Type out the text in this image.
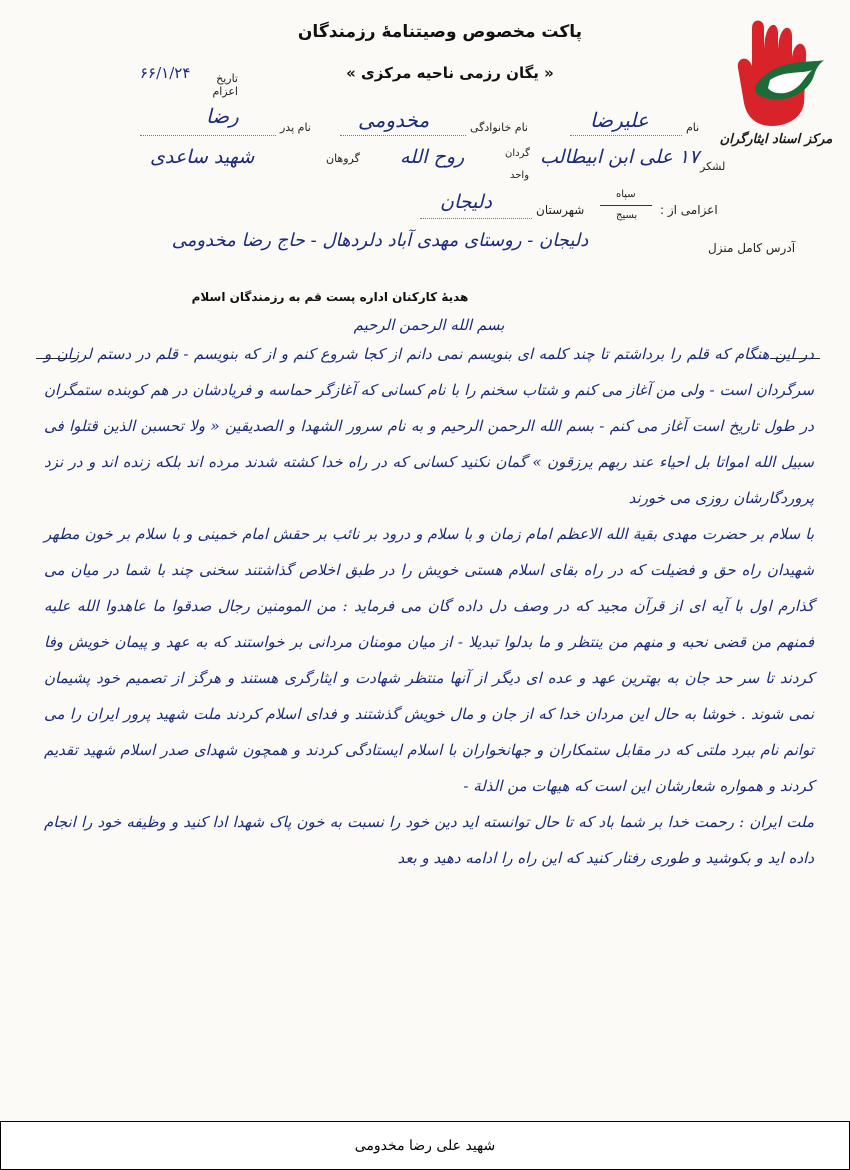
مرکز اسناد ایثارگران
پاکت مخصوص وصیتنامهٔ رزمندگان
« یگان رزمی ناحیه مرکزی »
تاریخ اعزام
۶۶/۱/۲۴
نام
علیرضا
نام خانوادگی
مخدومی
نام پدر
رضا
لشکر
۱۷ علی ابن ابیطالب
گردان
واحد
روح الله
گروهان
شهید ساعدی
اعزامی از :
سپاه
بسیج
شهرستان
دلیجان
آدرس کامل منزل
دلیجان - روستای مهدی آباد دلردهال - حاج رضا مخدومی
هدیهٔ کارکنان اداره پست قم به رزمندگان اسلام
بسم الله الرحمن الرحیم
در این هنگام که قلم را برداشتم تا چند کلمه ای بنویسم نمی دانم از کجا شروع کنم و از که بنویسم - قلم در دستم لرزان و سرگردان است - ولی من آغاز می کنم و شتاب سخنم را با نام کسانی که آغازگر حماسه و فریادشان در هم کوبنده ستمگران در طول تاریخ است آغاز می کنم - بسم الله الرحمن الرحیم و به نام سرور الشهدا و الصدیقین « ولا تحسبن الذین قتلوا فی سبیل الله امواتا بل احیاء عند ربهم یرزقون » گمان نکنید کسانی که در راه خدا کشته شدند مرده اند بلکه زنده اند و در نزد پروردگارشان روزی می خورند
با سلام بر حضرت مهدی بقیة الله الاعظم امام زمان و با سلام و درود بر نائب بر حقش امام خمینی و با سلام بر خون مطهر شهیدان راه حق و فضیلت که در راه بقای اسلام هستی خویش را در طبق اخلاص گذاشتند سخنی چند با شما در میان می گذارم اول با آیه ای از قرآن مجید که در وصف دل داده گان می فرماید : من المومنین رجال صدقوا ما عاهدوا الله علیه فمنهم من قضی نحبه و منهم من ینتظر و ما بدلوا تبدیلا - از میان مومنان مردانی بر خواستند که به عهد و پیمان خویش وفا کردند تا سر حد جان به بهترین عهد و عده ای دیگر از آنها منتظر شهادت و ایثارگری هستند و هرگز از تصمیم خود پشیمان نمی شوند . خوشا به حال این مردان خدا که از جان و مال خویش گذشتند و فدای اسلام کردند ملت شهید پرور ایران را می توانم نام ببرد ملتی که در مقابل ستمکاران و جهانخواران با اسلام ایستادگی کردند و همچون شهدای صدر اسلام شهید تقدیم کردند و همواره شعارشان این است که هیهات من الذلة -
ملت ایران : رحمت خدا بر شما باد که تا حال توانسته اید دین خود را نسبت به خون پاک شهدا ادا کنید و وظیفه خود را انجام داده اید و بکوشید و طوری رفتار کنید که این راه را ادامه دهید و بعد
شهید علی رضا مخدومی
